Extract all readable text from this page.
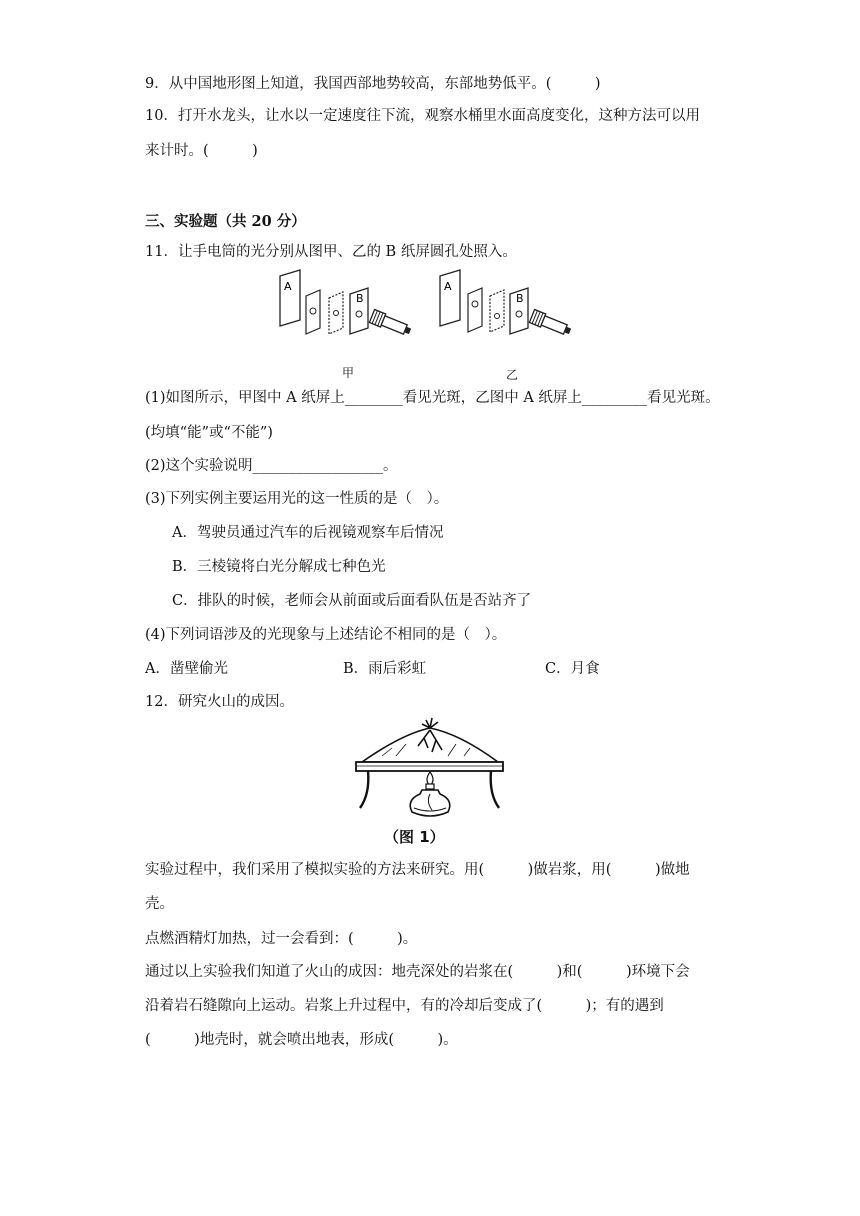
9．从中国地形图上知道，我国西部地势较高，东部地势低平。(　　　)
10．打开水龙头，让水以一定速度往下流，观察水桶里水面高度变化，这种方法可以用
来计时。(　　　)
三、实验题（共 20 分）
11．让手电筒的光分别从图甲、乙的 B 纸屏圆孔处照入。
A
B
甲
A
B
乙
(1)如图所示，甲图中 A 纸屏上________看见光斑，乙图中 A 纸屏上_________看见光斑。
(均填“能”或“不能”)
(2)这个实验说明__________________。
(3)下列实例主要运用光的这一性质的是（　）。
A．驾驶员通过汽车的后视镜观察车后情况
B．三棱镜将白光分解成七种色光
C．排队的时候，老师会从前面或后面看队伍是否站齐了
(4)下列词语涉及的光现象与上述结论不相同的是（　）。
A．凿壁偷光	B．雨后彩虹	C．月食
12．研究火山的成因。
（图 1）
实验过程中，我们采用了模拟实验的方法来研究。用(　　　)做岩浆，用(　　　)做地
壳。
点燃酒精灯加热，过一会看到：(　　　)。
通过以上实验我们知道了火山的成因：地壳深处的岩浆在(　　　)和(　　　)环境下会
沿着岩石缝隙向上运动。岩浆上升过程中，有的冷却后变成了(　　　)；有的遇到
(　　　)地壳时，就会喷出地表，形成(　　　)。
